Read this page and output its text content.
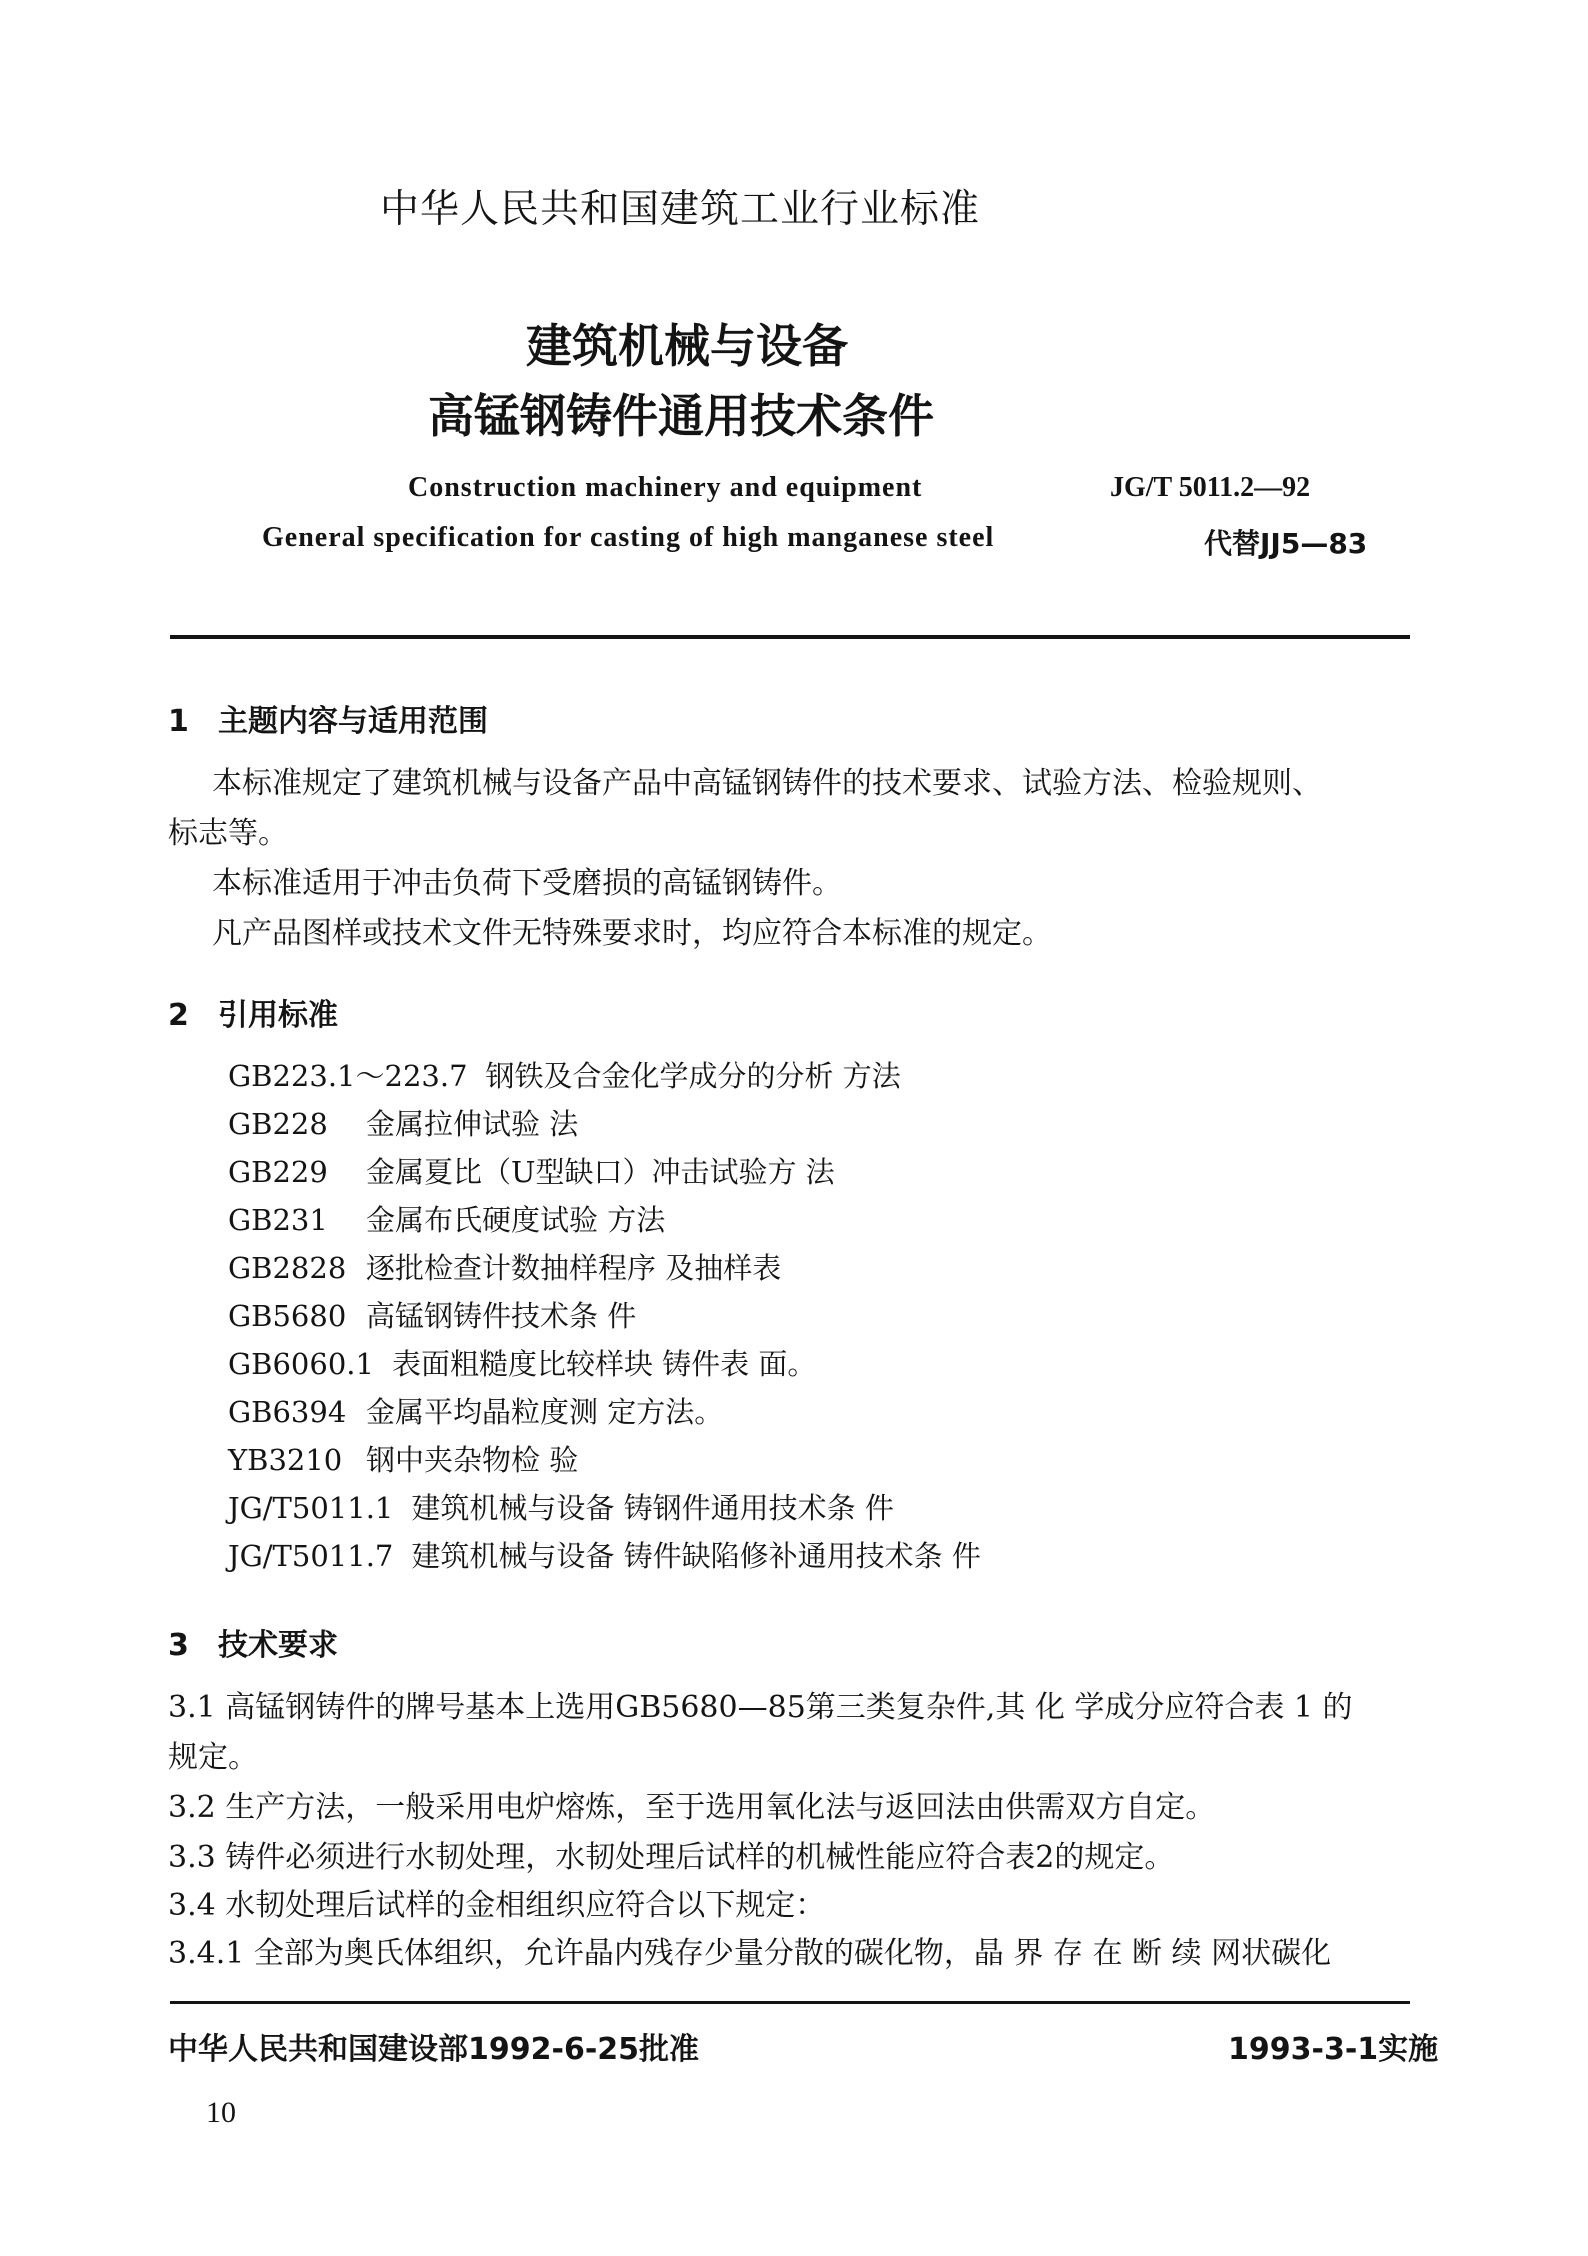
中华人民共和国建筑工业行业标准
建筑机械与设备
高锰钢铸件通用技术条件
Construction machinery and equipment
General specification for casting of high manganese steel
JG/T 5011.2—92
代替JJ5—83
1 主题内容与适用范围
本标准规定了建筑机械与设备产品中高锰钢铸件的技术要求、试验方法、检验规则、
标志等。
本标准适用于冲击负荷下受磨损的高锰钢铸件。
凡产品图样或技术文件无特殊要求时，均应符合本标准的规定。
2 引用标准
GB223.1～223.7 钢铁及合金化学成分的分析 方法
GB228 金属拉伸试验 法
GB229 金属夏比（U型缺口）冲击试验方 法
GB231 金属布氏硬度试验 方法
GB2828 逐批检查计数抽样程序 及抽样表
GB5680 高锰钢铸件技术条 件
GB6060.1 表面粗糙度比较样块 铸件表 面。
GB6394 金属平均晶粒度测 定方法。
YB3210 钢中夹杂物检 验
JG/T5011.1 建筑机械与设备 铸钢件通用技术条 件
JG/T5011.7 建筑机械与设备 铸件缺陷修补通用技术条 件
3 技术要求
3.1 高锰钢铸件的牌号基本上选用GB5680—85第三类复杂件,其 化 学成分应符合表 1 的
规定。
3.2 生产方法，一般采用电炉熔炼，至于选用氧化法与返回法由供需双方自定。
3.3 铸件必须进行水韧处理，水韧处理后试样的机械性能应符合表2的规定。
3.4 水韧处理后试样的金相组织应符合以下规定：
3.4.1 全部为奥氏体组织，允许晶内残存少量分散的碳化物，晶 界 存 在 断 续 网状碳化
中华人民共和国建设部1992-6-25批准	1993-3-1实施
10
